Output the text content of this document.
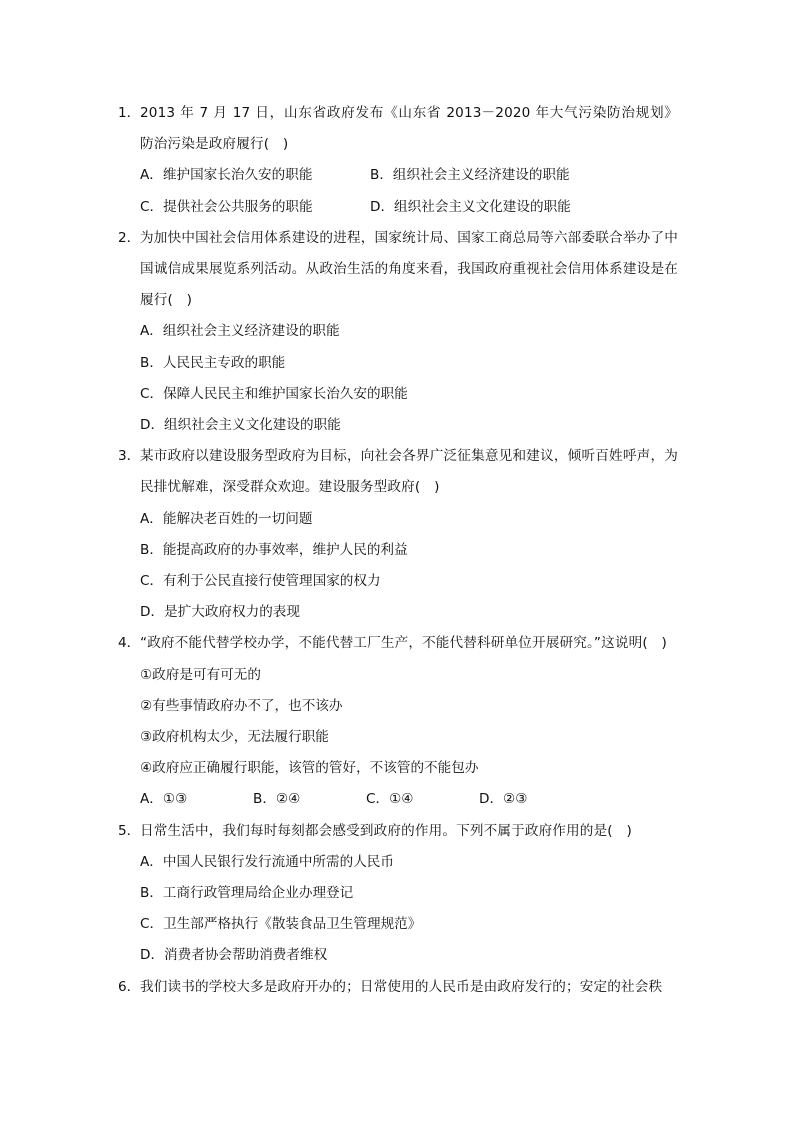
1． 2013 年 7 月 17 日，山东省政府发布《山东省 2013－2020 年大气污染防治规划》 防治污染是政府履行(　)
A．维护国家长治久安的职能	B．组织社会主义经济建设的职能
C．提供社会公共服务的职能	D．组织社会主义文化建设的职能
2． 为加快中国社会信用体系建设的进程，国家统计局、国家工商总局等六部委联合举办了中国诚信成果展览系列活动。从政治生活的角度来看，我国政府重视社会信用体系建设是在履行(　)
A．组织社会主义经济建设的职能
B．人民民主专政的职能
C．保障人民民主和维护国家长治久安的职能
D．组织社会主义文化建设的职能
3． 某市政府以建设服务型政府为目标，向社会各界广泛征集意见和建议，倾听百姓呼声，为民排忧解难，深受群众欢迎。建设服务型政府(　)
A．能解决老百姓的一切问题
B．能提高政府的办事效率，维护人民的利益
C．有利于公民直接行使管理国家的权力
D．是扩大政府权力的表现
4． “政府不能代替学校办学，不能代替工厂生产，不能代替科研单位开展研究。”这说明(　)
①政府是可有可无的
②有些事情政府办不了，也不该办
③政府机构太少，无法履行职能
④政府应正确履行职能，该管的管好，不该管的不能包办
A．①③	B．②④	C．①④	D．②③
5． 日常生活中，我们每时每刻都会感受到政府的作用。下列不属于政府作用的是(　)
A．中国人民银行发行流通中所需的人民币
B．工商行政管理局给企业办理登记
C．卫生部严格执行《散装食品卫生管理规范》
D．消费者协会帮助消费者维权
6． 我们读书的学校大多是政府开办的；日常使用的人民币是由政府发行的；安定的社会秩
